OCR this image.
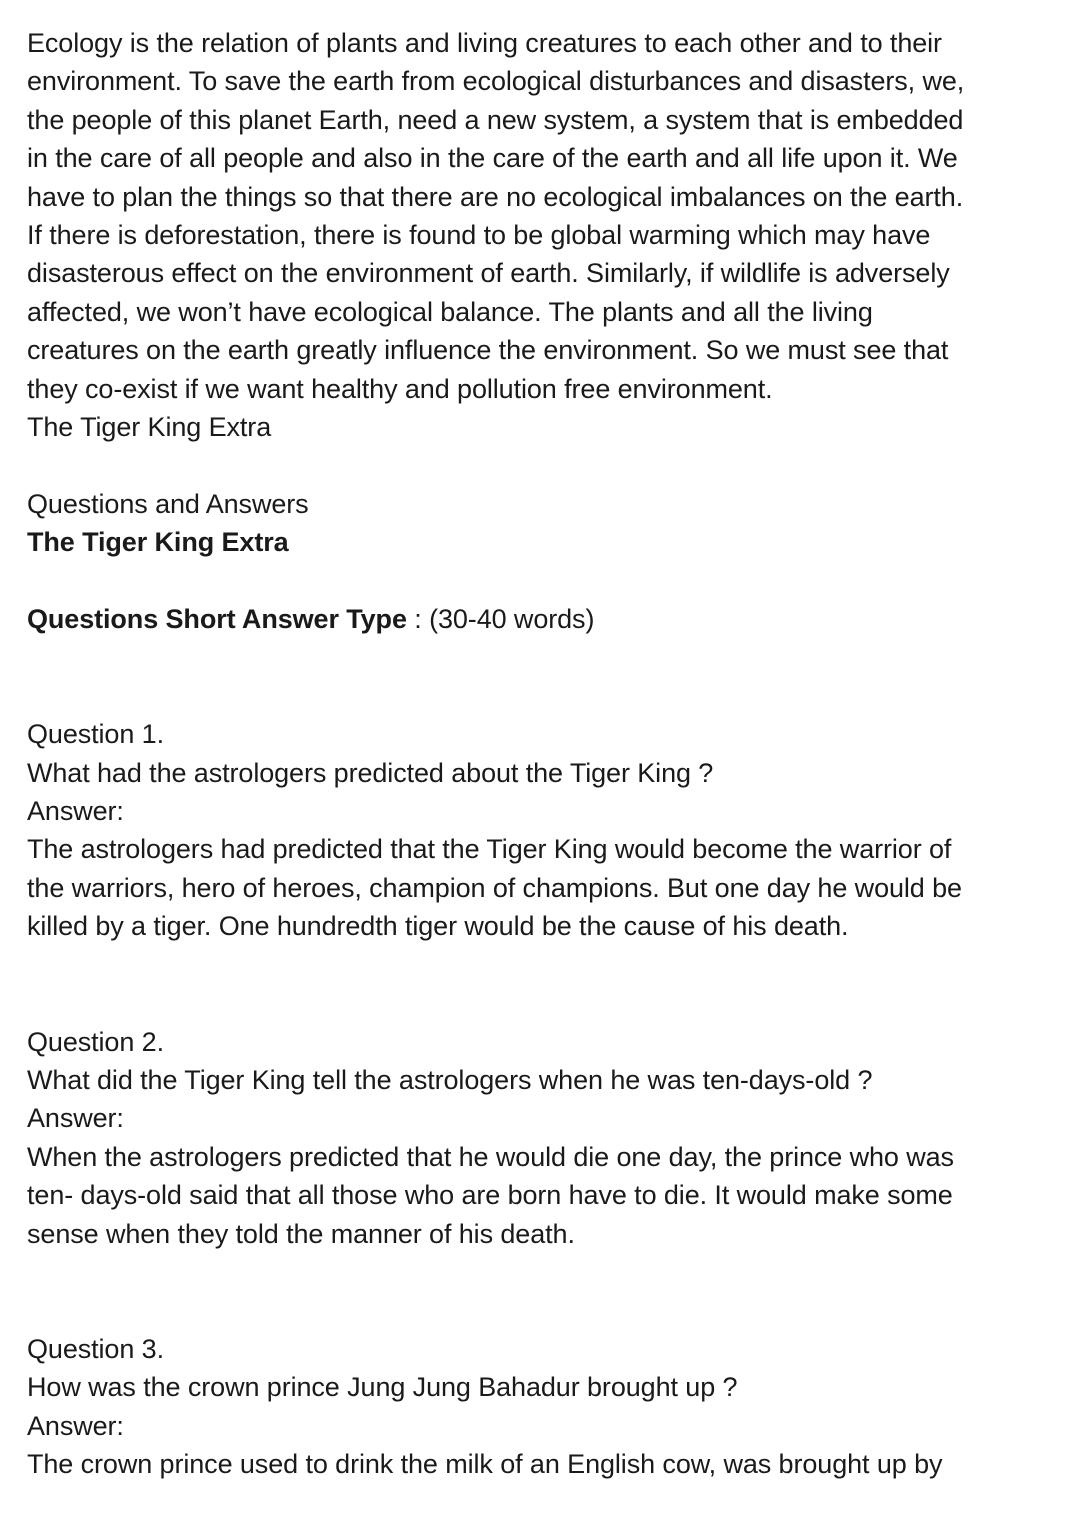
Ecology is the relation of plants and living creatures to each other and to their
environment. To save the earth from ecological disturbances and disasters, we,
the people of this planet Earth, need a new system, a system that is embedded
in the care of all people and also in the care of the earth and all life upon it. We
have to plan the things so that there are no ecological imbalances on the earth.
If there is deforestation, there is found to be global warming which may have
disasterous effect on the environment of earth. Similarly, if wildlife is adversely
affected, we won’t have ecological balance. The plants and all the living
creatures on the earth greatly influence the environment. So we must see that
they co-exist if we want healthy and pollution free environment.
The Tiger King Extra
Questions and Answers
The Tiger King Extra
Questions Short Answer Type : (30-40 words)
Question 1.
What had the astrologers predicted about the Tiger King ?
Answer:
The astrologers had predicted that the Tiger King would become the warrior of
the warriors, hero of heroes, champion of champions. But one day he would be
killed by a tiger. One hundredth tiger would be the cause of his death.
Question 2.
What did the Tiger King tell the astrologers when he was ten-days-old ?
Answer:
When the astrologers predicted that he would die one day, the prince who was
ten- days-old said that all those who are born have to die. It would make some
sense when they told the manner of his death.
Question 3.
How was the crown prince Jung Jung Bahadur brought up ?
Answer:
The crown prince used to drink the milk of an English cow, was brought up by
